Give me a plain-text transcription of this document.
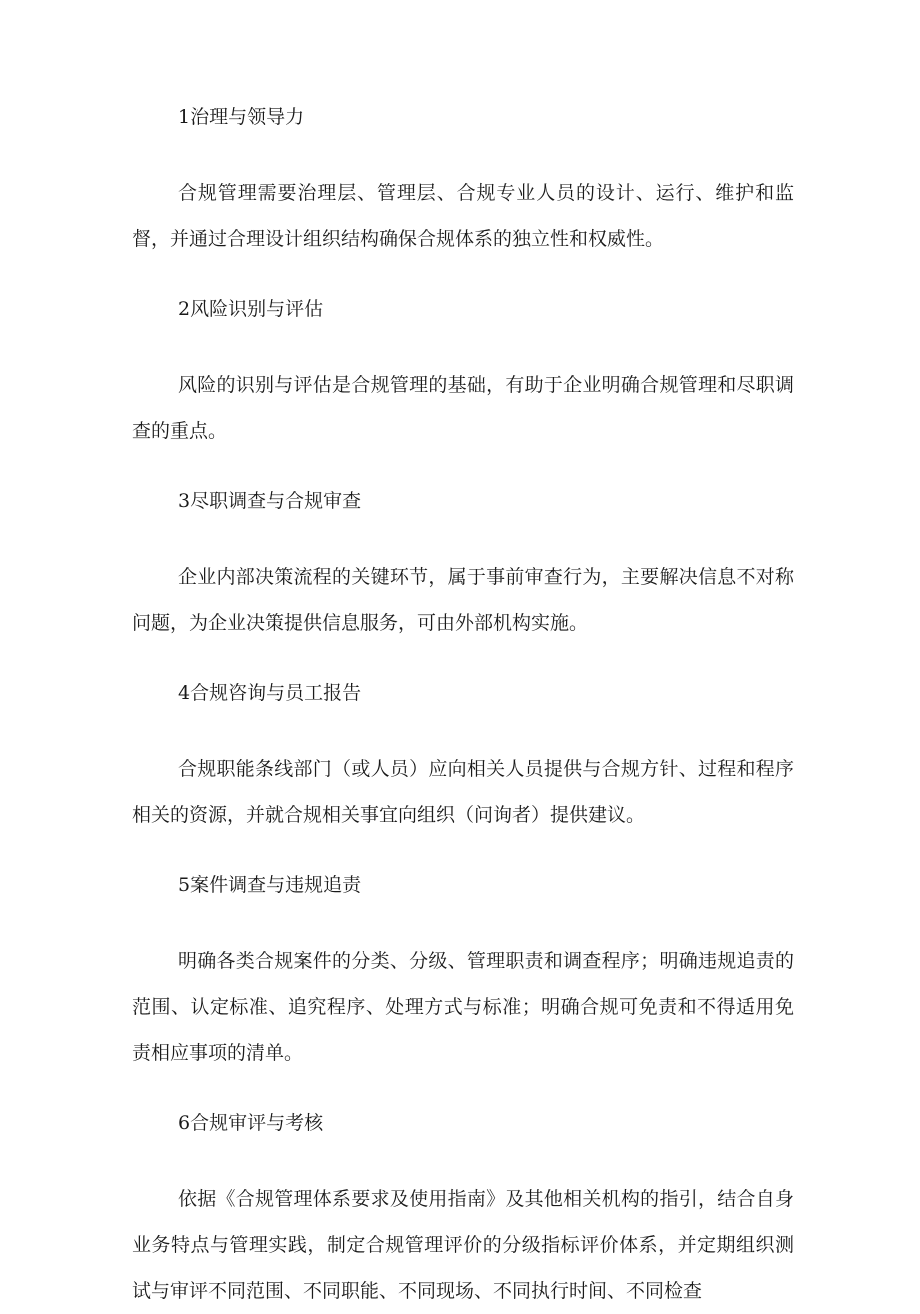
1治理与领导力

合规管理需要治理层、管理层、合规专业人员的设计、运行、维护和监督，并通过合理设计组织结构确保合规体系的独立性和权威性。

2风险识别与评估

风险的识别与评估是合规管理的基础，有助于企业明确合规管理和尽职调查的重点。

3尽职调查与合规审查

企业内部决策流程的关键环节，属于事前审查行为，主要解决信息不对称问题，为企业决策提供信息服务，可由外部机构实施。

4合规咨询与员工报告

合规职能条线部门（或人员）应向相关人员提供与合规方针、过程和程序相关的资源，并就合规相关事宜向组织（问询者）提供建议。

5案件调查与违规追责

明确各类合规案件的分类、分级、管理职责和调查程序；明确违规追责的范围、认定标准、追究程序、处理方式与标准；明确合规可免责和不得适用免责相应事项的清单。

6合规审评与考核

依据《合规管理体系要求及使用指南》及其他相关机构的指引，结合自身业务特点与管理实践，制定合规管理评价的分级指标评价体系，并定期组织测试与审评不同范围、不同职能、不同现场、不同执行时间、不同检查
